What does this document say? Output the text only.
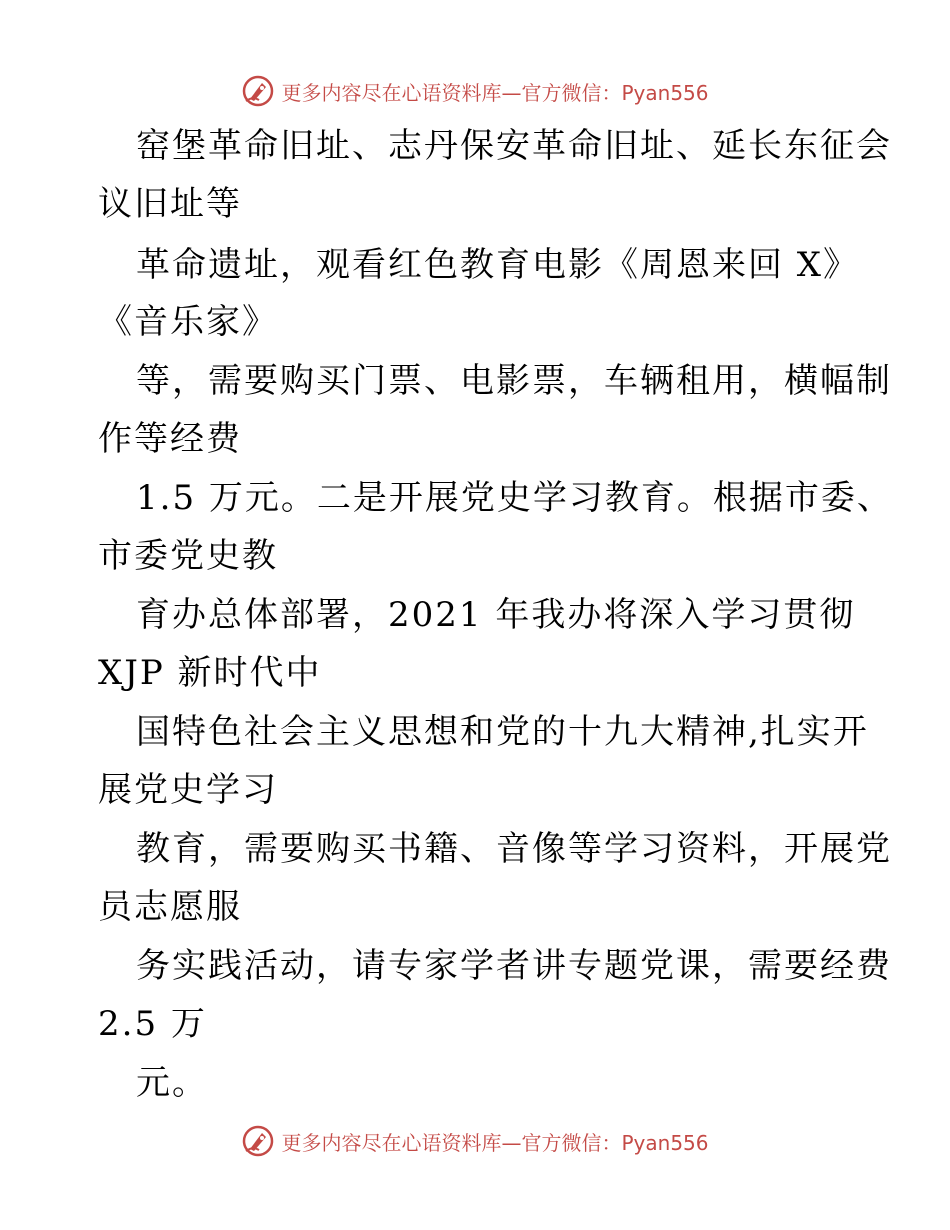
更多内容尽在心语资料库—官方微信：Pyan556
窑堡革命旧址、志丹保安革命旧址、延长东征会
议旧址等
革命遗址，观看红色教育电影《周恩来回 X》
《音乐家》
等，需要购买门票、电影票，车辆租用，横幅制
作等经费
1.5 万元。二是开展党史学习教育。根据市委、
市委党史教
育办总体部署，2021 年我办将深入学习贯彻
XJP 新时代中
国特色社会主义思想和党的十九大精神,扎实开
展党史学习
教育，需要购买书籍、音像等学习资料，开展党
员志愿服
务实践活动，请专家学者讲专题党课，需要经费
2.5 万
元。
更多内容尽在心语资料库—官方微信：Pyan556
